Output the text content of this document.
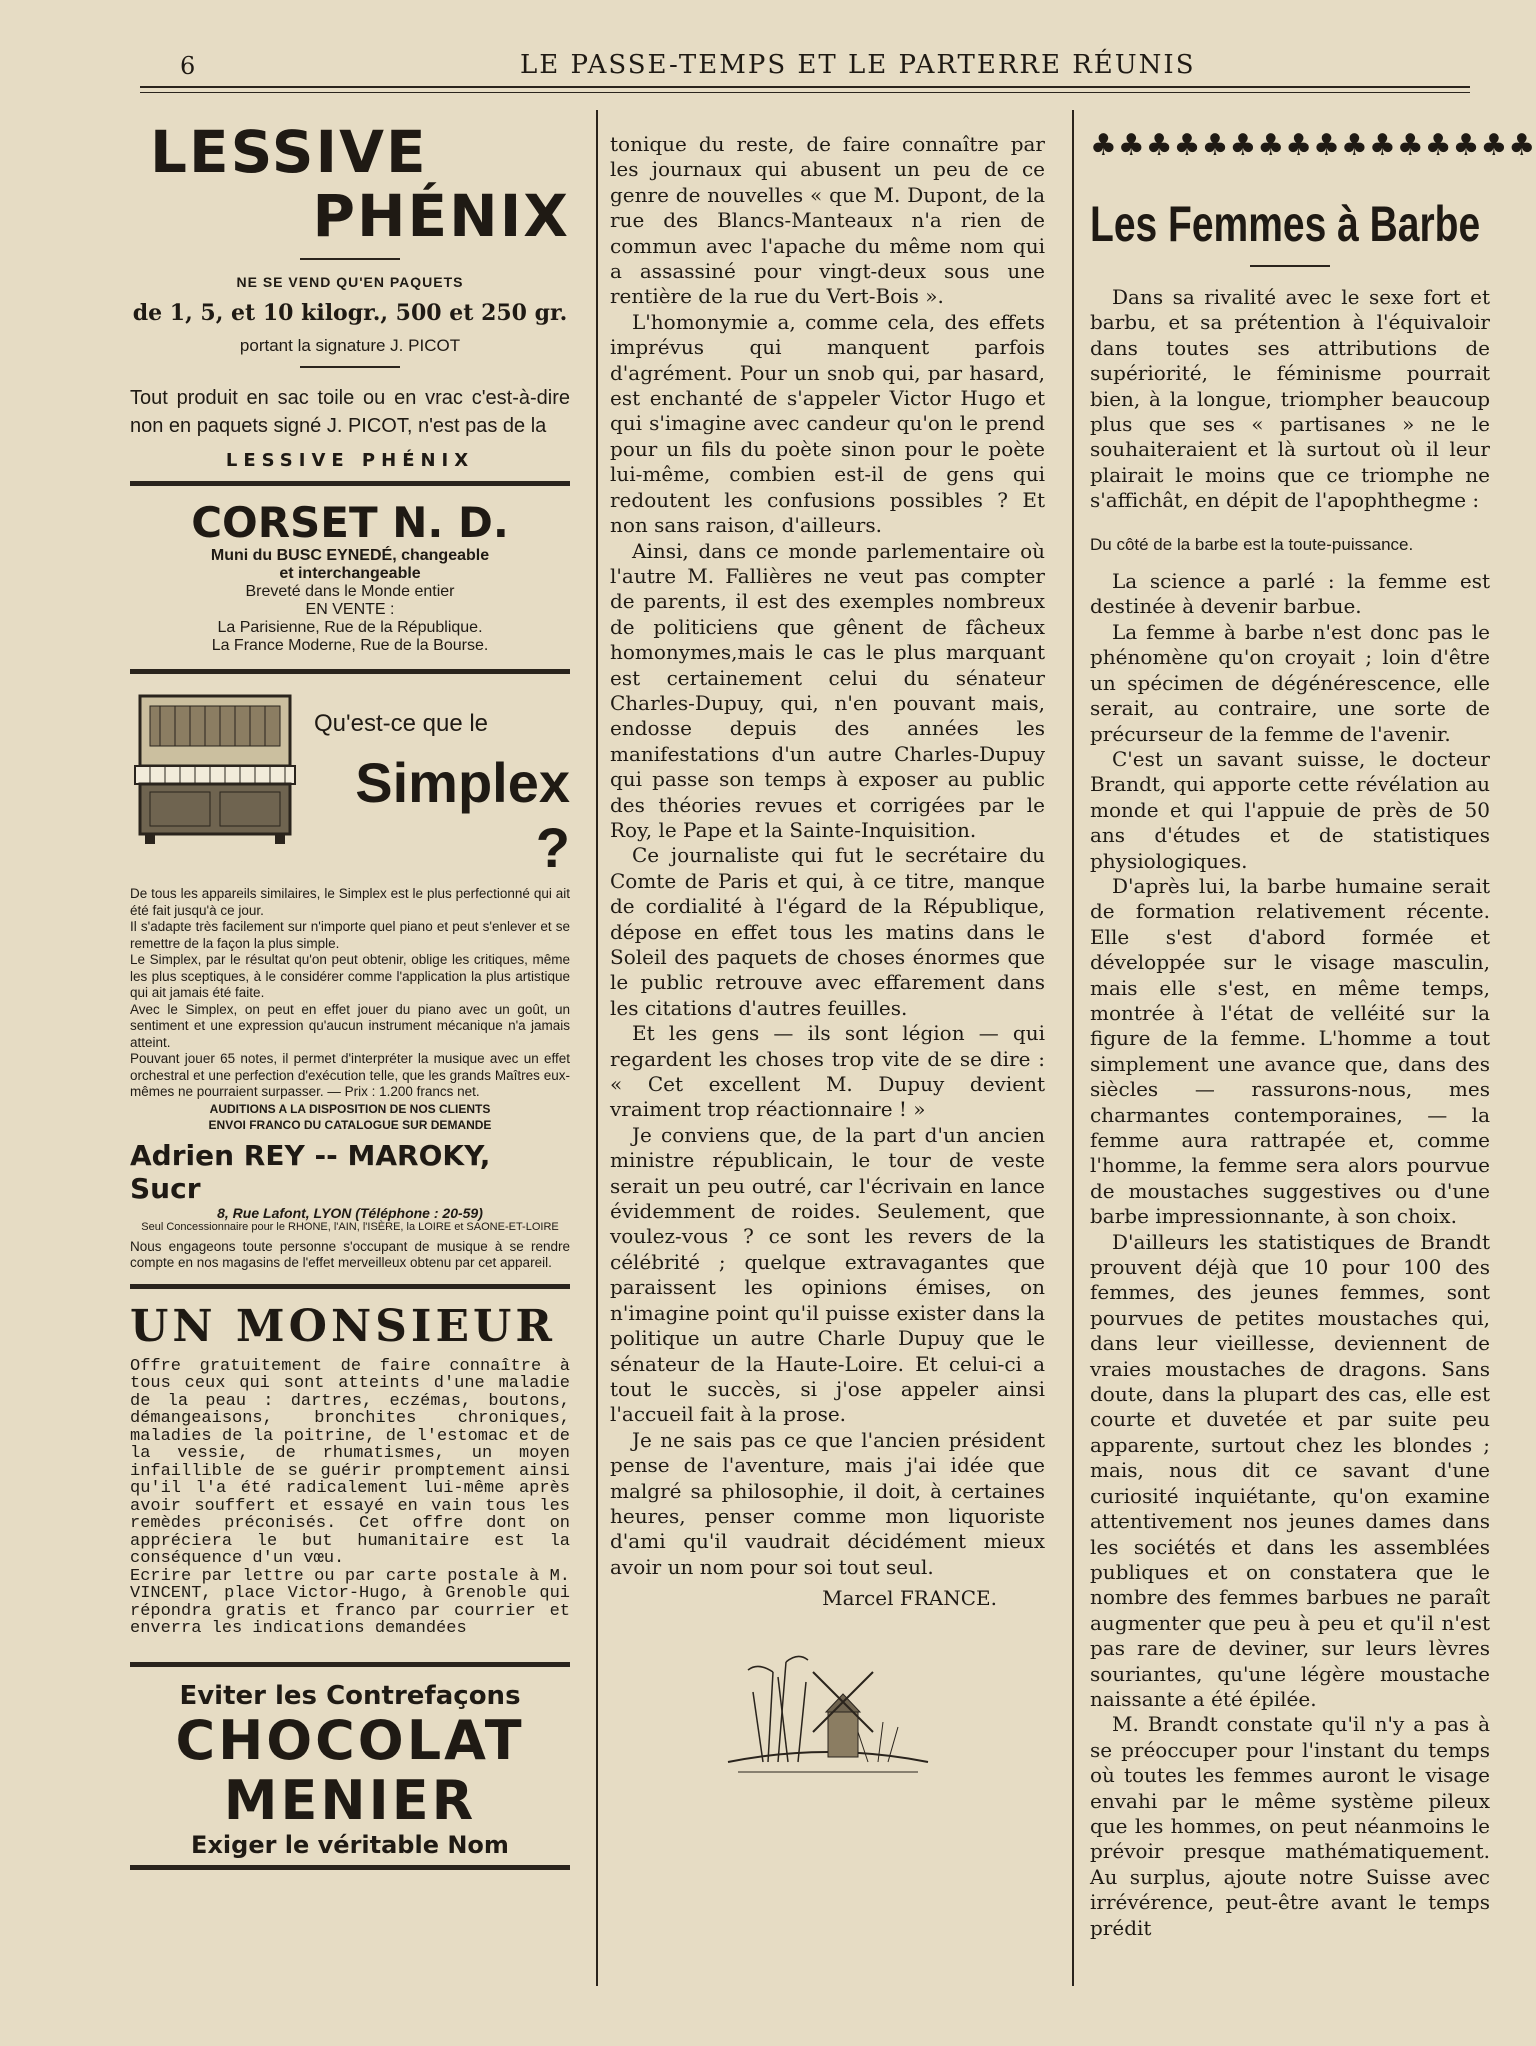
6	LE PASSE-TEMPS ET LE PARTERRE RÉUNIS
LESSIVE
PHÉNIX
NE SE VEND QU'EN PAQUETS
de 1, 5, et 10 kilogr., 500 et 250 gr.
portant la signature J. PICOT
Tout produit en sac toile ou en vrac c'est-à-dire non en paquets signé J. PICOT, n'est pas de la
LESSIVE PHÉNIX
CORSET N. D.
Muni du BUSC EYNEDÉ, changeable
et interchangeable
Breveté dans le Monde entier
EN VENTE :
La Parisienne, Rue de la République.
La France Moderne, Rue de la Bourse.
Qu'est-ce que le
Simplex ?
De tous les appareils similaires, le Simplex est le plus perfectionné qui ait été fait jusqu'à ce jour.
Il s'adapte très facilement sur n'importe quel piano et peut s'enlever et se remettre de la façon la plus simple.
Le Simplex, par le résultat qu'on peut obtenir, oblige les critiques, même les plus sceptiques, à le considérer comme l'application la plus artistique qui ait jamais été faite.
Avec le Simplex, on peut en effet jouer du piano avec un goût, un sentiment et une expression qu'aucun instrument mécanique n'a jamais atteint.
Pouvant jouer 65 notes, il permet d'interpréter la musique avec un effet orchestral et une perfection d'exécution telle, que les grands Maîtres eux-mêmes ne pourraient surpasser. — Prix : 1.200 francs net.
AUDITIONS A LA DISPOSITION DE NOS CLIENTS
ENVOI FRANCO DU CATALOGUE SUR DEMANDE
Adrien REY -- MAROKY, Sucr
8, Rue Lafont, LYON (Téléphone : 20-59)
Seul Concessionnaire pour le RHONE, l'AIN, l'ISÈRE, la LOIRE et SAONE-ET-LOIRE
Nous engageons toute personne s'occupant de musique à se rendre compte en nos magasins de l'effet merveilleux obtenu par cet appareil.
UN MONSIEUR
Offre gratuitement de faire connaître à tous ceux qui sont atteints d'une maladie de la peau : dartres, eczémas, boutons, démangeaisons, bronchites chroniques, maladies de la poitrine, de l'estomac et de la vessie, de rhumatismes, un moyen infaillible de se guérir promptement ainsi qu'il l'a été radicalement lui-même après avoir souffert et essayé en vain tous les remèdes préconisés. Cet offre dont on appréciera le but humanitaire est la conséquence d'un vœu.
Ecrire par lettre ou par carte postale à M. VINCENT, place Victor-Hugo, à Grenoble qui répondra gratis et franco par courrier et enverra les indications demandées
Eviter les Contrefaçons
CHOCOLAT
MENIER
Exiger le véritable Nom

tonique du reste, de faire connaître par les journaux qui abusent un peu de ce genre de nouvelles « que M. Dupont, de la rue des Blancs-Manteaux n'a rien de commun avec l'apache du même nom qui a assassiné pour vingt-deux sous une rentière de la rue du Vert-Bois ».

L'homonymie a, comme cela, des effets imprévus qui manquent parfois d'agrément. Pour un snob qui, par hasard, est enchanté de s'appeler Victor Hugo et qui s'imagine avec candeur qu'on le prend pour un fils du poète sinon pour le poète lui-même, combien est-il de gens qui redoutent les confusions possibles ? Et non sans raison, d'ailleurs.

Ainsi, dans ce monde parlementaire où l'autre M. Fallières ne veut pas compter de parents, il est des exemples nombreux de politiciens que gênent de fâcheux homonymes,mais le cas le plus marquant est certainement celui du sénateur Charles-Dupuy, qui, n'en pouvant mais, endosse depuis des années les manifestations d'un autre Charles-Dupuy qui passe son temps à exposer au public des théories revues et corrigées par le Roy, le Pape et la Sainte-Inquisition.

Ce journaliste qui fut le secrétaire du Comte de Paris et qui, à ce titre, manque de cordialité à l'égard de la République, dépose en effet tous les matins dans le Soleil des paquets de choses énormes que le public retrouve avec effarement dans les citations d'autres feuilles.

Et les gens — ils sont légion — qui regardent les choses trop vite de se dire : « Cet excellent M. Dupuy devient vraiment trop réactionnaire ! »

Je conviens que, de la part d'un ancien ministre républicain, le tour de veste serait un peu outré, car l'écrivain en lance évidemment de roides. Seulement, que voulez-vous ? ce sont les revers de la célébrité ; quelque extravagantes que paraissent les opinions émises, on n'imagine point qu'il puisse exister dans la politique un autre Charle Dupuy que le sénateur de la Haute-Loire. Et celui-ci a tout le succès, si j'ose appeler ainsi l'accueil fait à la prose.

Je ne sais pas ce que l'ancien président pense de l'aventure, mais j'ai idée que malgré sa philosophie, il doit, à certaines heures, penser comme mon liquoriste d'ami qu'il vaudrait décidément mieux avoir un nom pour soi tout seul.

Marcel FRANCE.
♣♣♣♣♣♣♣♣♣♣♣♣♣♣♣♣
Les Femmes à Barbe

Dans sa rivalité avec le sexe fort et barbu, et sa prétention à l'équivaloir dans toutes ses attributions de supériorité, le féminisme pourrait bien, à la longue, triompher beaucoup plus que ses « partisanes » ne le souhaiteraient et là surtout où il leur plairait le moins que ce triomphe ne s'affichât, en dépit de l'apophthegme :

Du côté de la barbe est la toute-puissance.

La science a parlé : la femme est destinée à devenir barbue.

La femme à barbe n'est donc pas le phénomène qu'on croyait ; loin d'être un spécimen de dégénérescence, elle serait, au contraire, une sorte de précurseur de la femme de l'avenir.

C'est un savant suisse, le docteur Brandt, qui apporte cette révélation au monde et qui l'appuie de près de 50 ans d'études et de statistiques physiologiques.

D'après lui, la barbe humaine serait de formation relativement récente. Elle s'est d'abord formée et développée sur le visage masculin, mais elle s'est, en même temps, montrée à l'état de velléité sur la figure de la femme. L'homme a tout simplement une avance que, dans des siècles — rassurons-nous, mes charmantes contemporaines, — la femme aura rattrapée et, comme l'homme, la femme sera alors pourvue de moustaches suggestives ou d'une barbe impressionnante, à son choix.

D'ailleurs les statistiques de Brandt prouvent déjà que 10 pour 100 des femmes, des jeunes femmes, sont pourvues de petites moustaches qui, dans leur vieillesse, deviennent de vraies moustaches de dragons. Sans doute, dans la plupart des cas, elle est courte et duvetée et par suite peu apparente, surtout chez les blondes ; mais, nous dit ce savant d'une curiosité inquiétante, qu'on examine attentivement nos jeunes dames dans les sociétés et dans les assemblées publiques et on constatera que le nombre des femmes barbues ne paraît augmenter que peu à peu et qu'il n'est pas rare de deviner, sur leurs lèvres souriantes, qu'une légère moustache naissante a été épilée.

M. Brandt constate qu'il n'y a pas à se préoccuper pour l'instant du temps où toutes les femmes auront le visage envahi par le même système pileux que les hommes, on peut néanmoins le prévoir presque mathématiquement. Au surplus, ajoute notre Suisse avec irrévérence, peut-être avant le temps prédit
